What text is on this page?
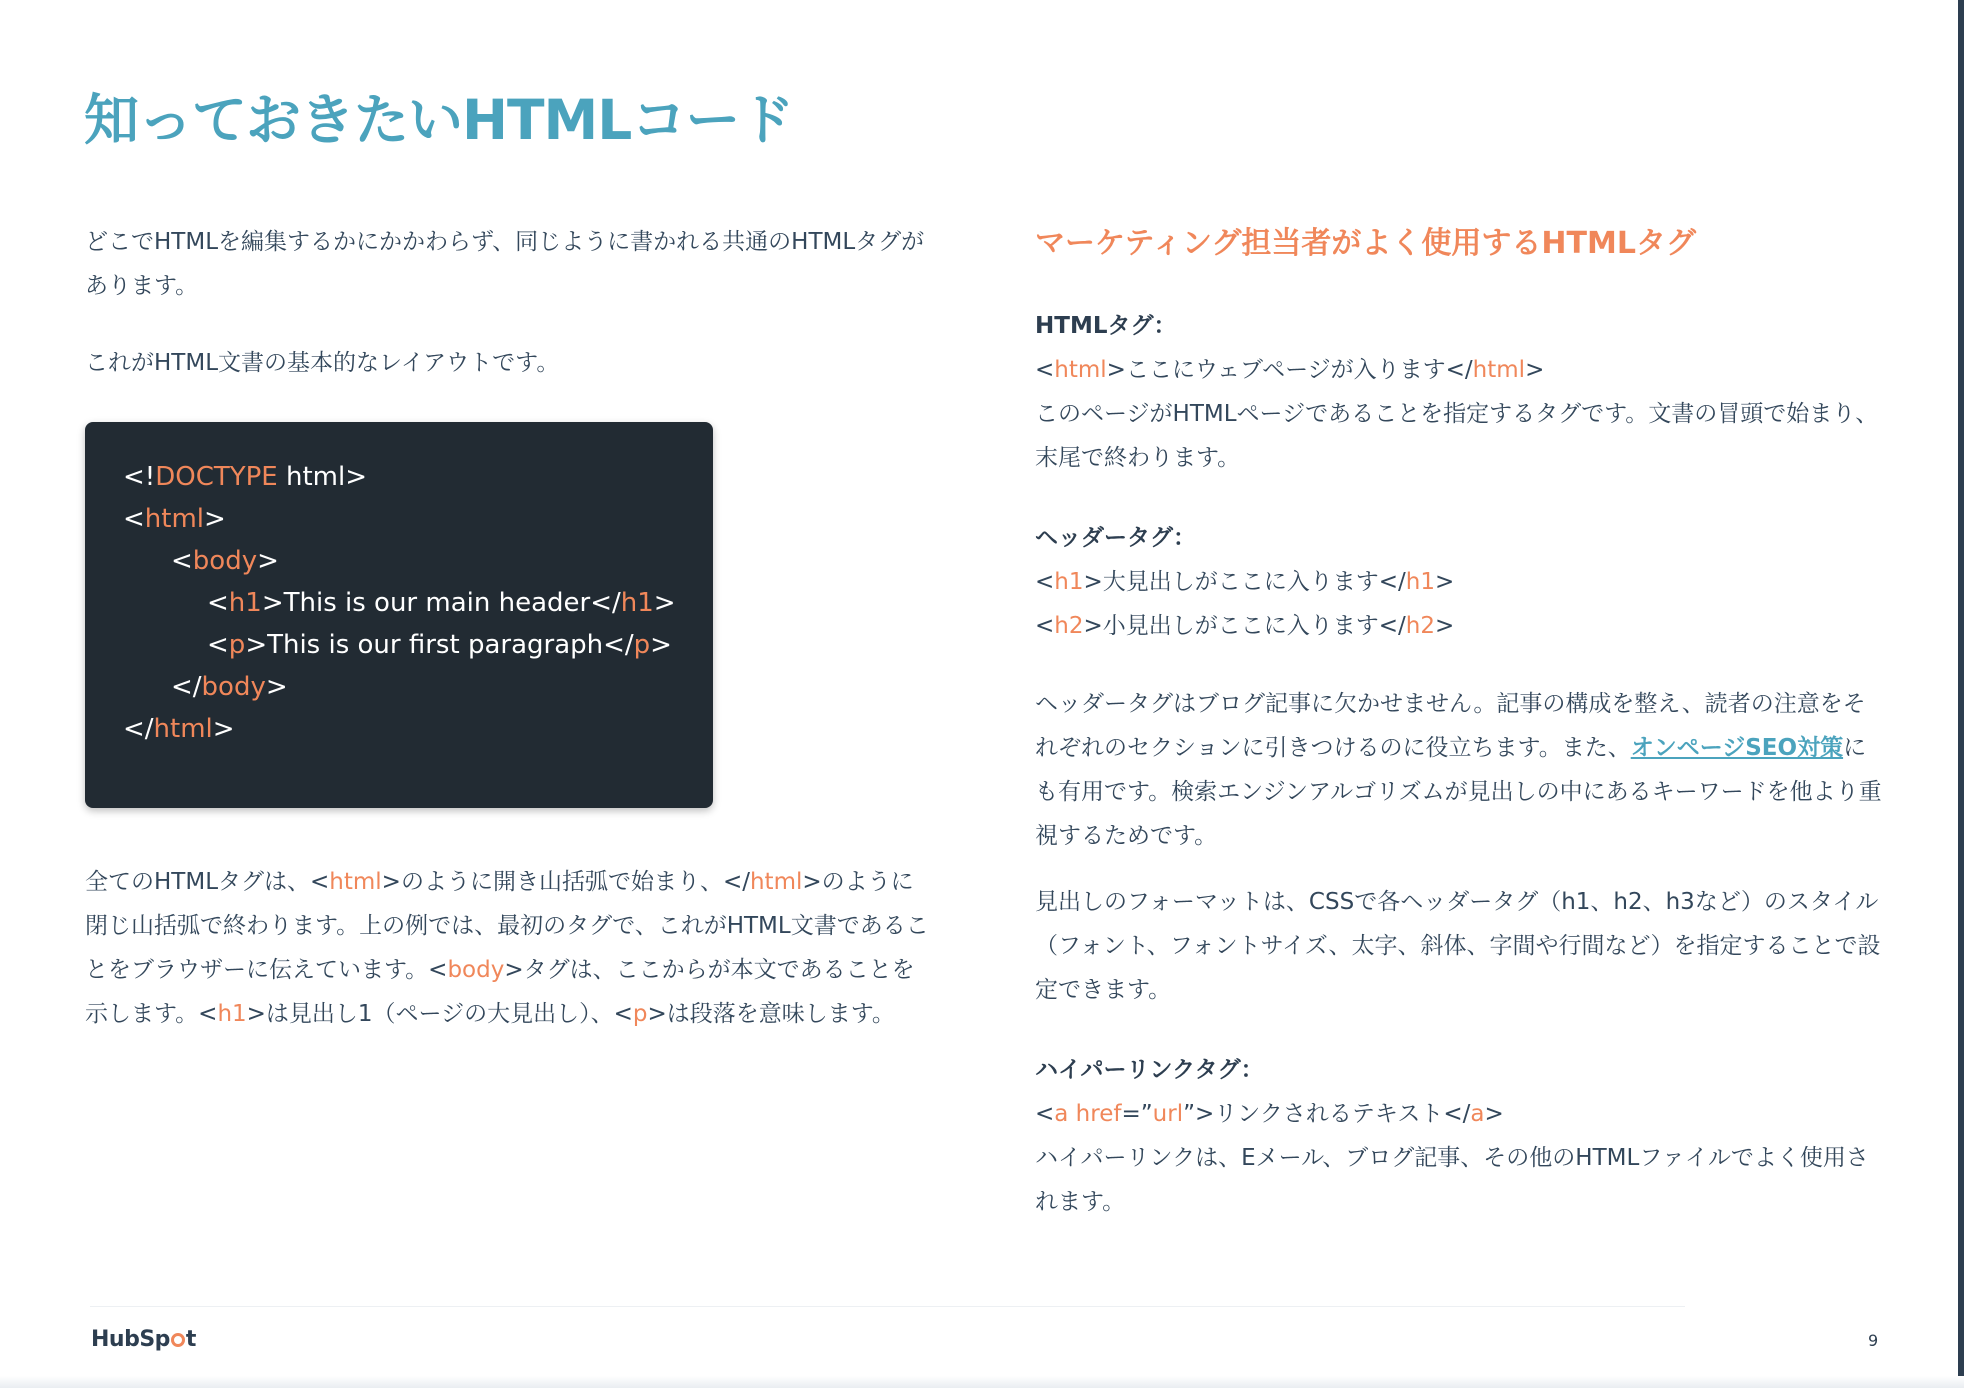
知っておきたいHTMLコード

どこでHTMLを編集するかにかかわらず、同じように書かれる共通のHTMLタグがあります。

これがHTML文書の基本的なレイアウトです。

<!DOCTYPE html>
<html>
<body>
<h1>This is our main header</h1>
<p>This is our first paragraph</p>
</body>
</html>

全てのHTMLタグは、<html>のように開き山括弧で始まり、</html>のように閉じ山括弧で終わります。上の例では、最初のタグで、これがHTML文書であることをブラウザーに伝えています。<body>タグは、ここからが本文であることを示します。<h1>は見出し1（ページの大見出し）、<p>は段落を意味します。

マーケティング担当者がよく使用するHTMLタグ

HTMLタグ：

<html>ここにウェブページが入ります</html>

このページがHTMLページであることを指定するタグです。文書の冒頭で始まり、末尾で終わります。

ヘッダータグ：

<h1>大見出しがここに入ります</h1>

<h2>小見出しがここに入ります</h2>

ヘッダータグはブログ記事に欠かせません。記事の構成を整え、読者の注意をそれぞれのセクションに引きつけるのに役立ちます。また、オンページSEO対策にも有用です。検索エンジンアルゴリズムが見出しの中にあるキーワードを他より重視するためです。

見出しのフォーマットは、CSSで各ヘッダータグ（h1、h2、h3など）のスタイル（フォント、フォントサイズ、太字、斜体、字間や行間など）を指定することで設定できます。

ハイパーリンクタグ：

<a href=”url”>リンクされるテキスト</a>

ハイパーリンクは、Eメール、ブログ記事、その他のHTMLファイルでよく使用されます。

HubSp t	9
